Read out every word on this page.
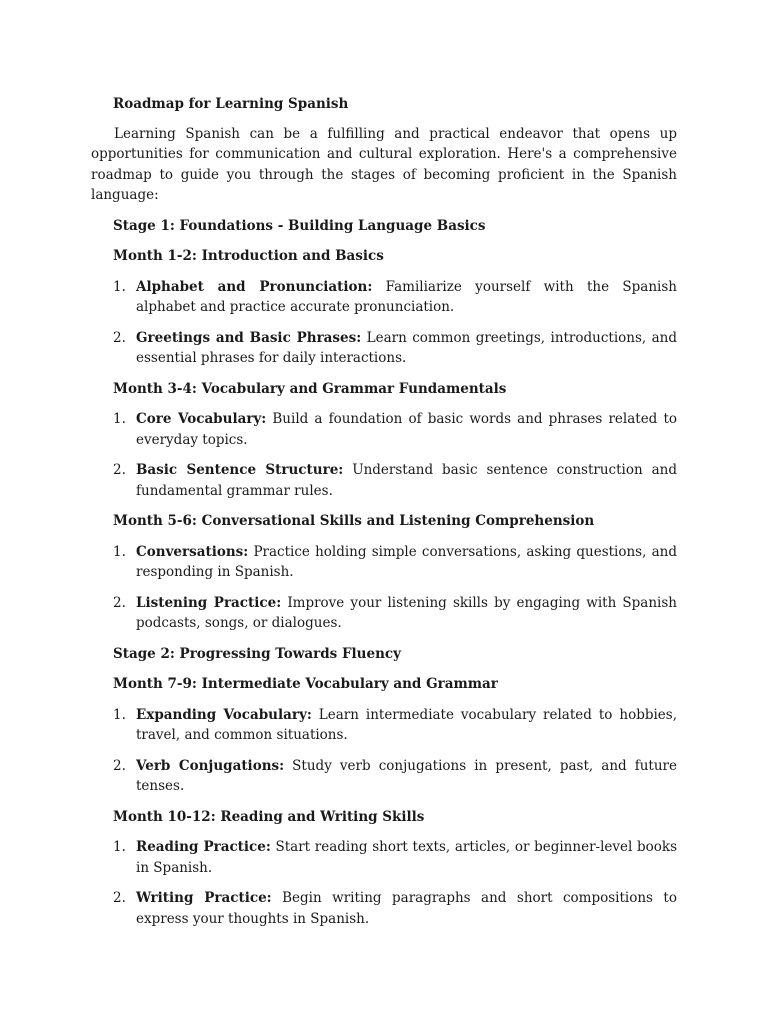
Roadmap for Learning Spanish

Learning Spanish can be a fulfilling and practical endeavor that opens up opportunities for communication and cultural exploration. Here's a comprehensive roadmap to guide you through the stages of becoming proficient in the Spanish language:

Stage 1: Foundations - Building Language Basics

Month 1-2: Introduction and Basics

1. Alphabet and Pronunciation: Familiarize yourself with the Spanish alphabet and practice accurate pronunciation.
2. Greetings and Basic Phrases: Learn common greetings, introductions, and essential phrases for daily interactions.

Month 3-4: Vocabulary and Grammar Fundamentals

1. Core Vocabulary: Build a foundation of basic words and phrases related to everyday topics.
2. Basic Sentence Structure: Understand basic sentence construction and fundamental grammar rules.

Month 5-6: Conversational Skills and Listening Comprehension

1. Conversations: Practice holding simple conversations, asking questions, and responding in Spanish.
2. Listening Practice: Improve your listening skills by engaging with Spanish podcasts, songs, or dialogues.

Stage 2: Progressing Towards Fluency

Month 7-9: Intermediate Vocabulary and Grammar

1. Expanding Vocabulary: Learn intermediate vocabulary related to hobbies, travel, and common situations.
2. Verb Conjugations: Study verb conjugations in present, past, and future tenses.

Month 10-12: Reading and Writing Skills

1. Reading Practice: Start reading short texts, articles, or beginner-level books in Spanish.
2. Writing Practice: Begin writing paragraphs and short compositions to express your thoughts in Spanish.
